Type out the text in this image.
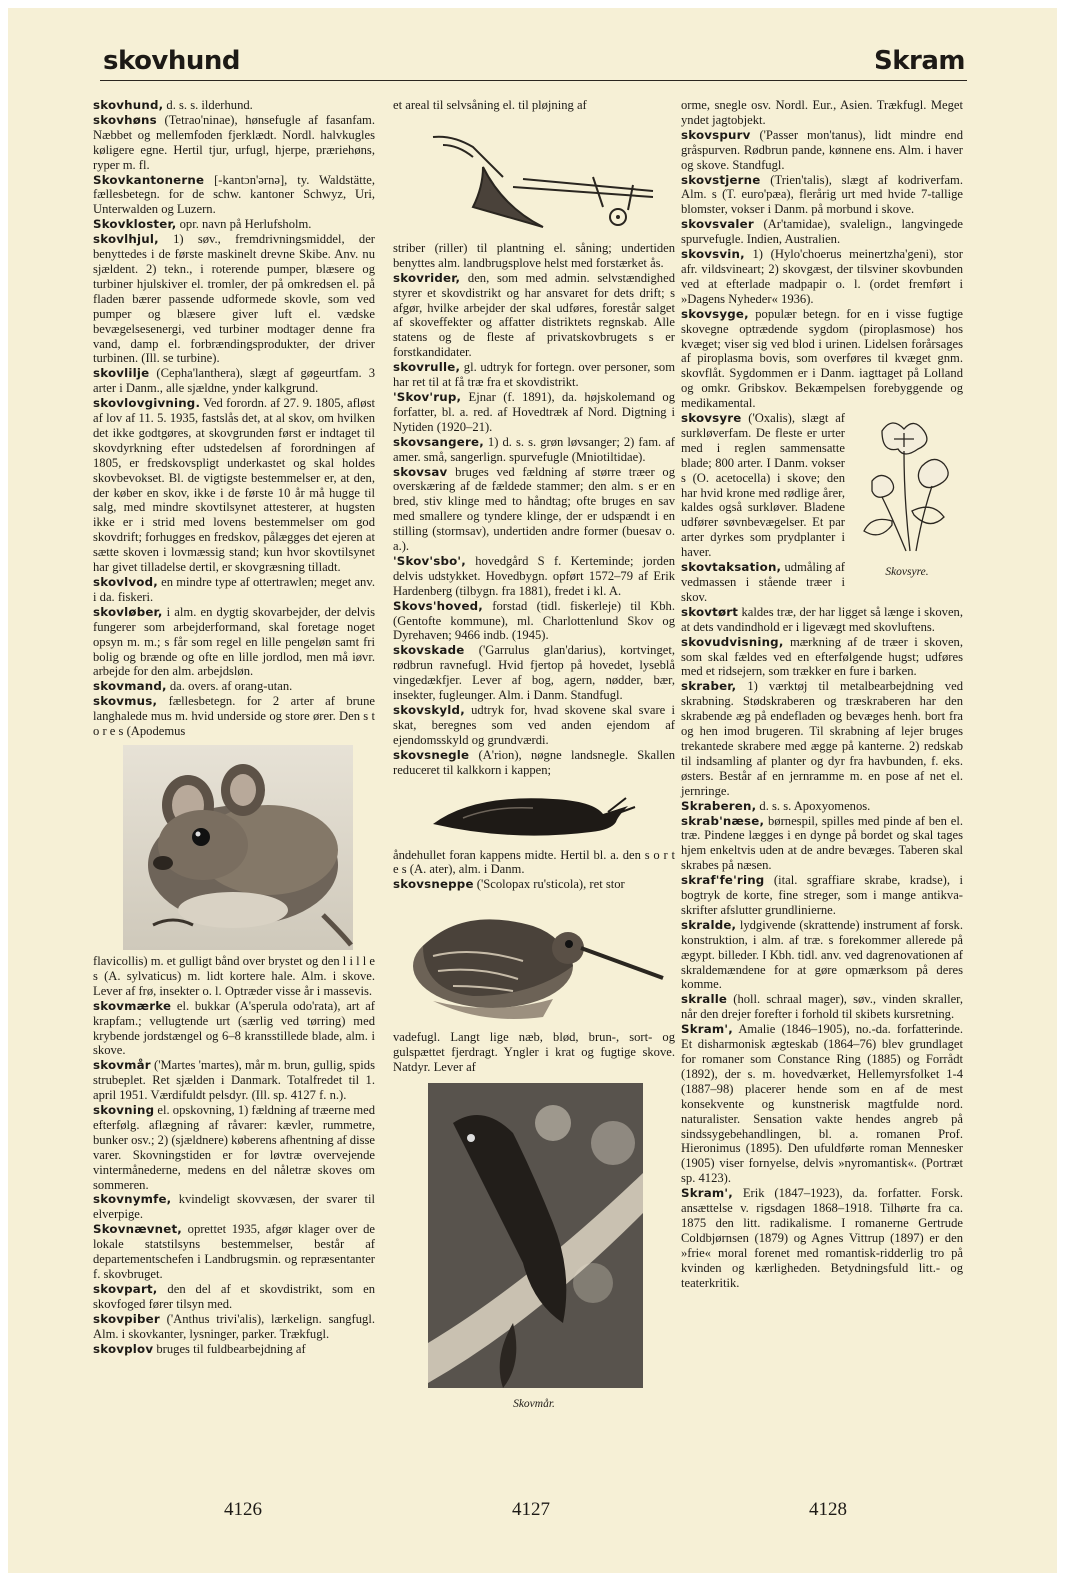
skovhund	Skram

skovhund, d. s. s. ilderhund.

skovhøns (Tetrao'ninae), hønsefugle af fasanfam. Næbbet og mellemfoden fjerklædt. Nordl. halvkugles køligere egne. Hertil tjur, urfugl, hjerpe, præriehøns, ryper m. fl.

Skovkantonerne [-kantɔn'ərnə], ty. Waldstätte, fællesbetegn. for de schw. kantoner Schwyz, Uri, Unterwalden og Luzern.

Skovkloster, opr. navn på Herlufsholm.

skovlhjul, 1) søv., fremdrivningsmiddel, der benyttedes i de første maskinelt drevne Skibe. Anv. nu sjældent. 2) tekn., i roterende pumper, blæsere og turbiner hjulskiver el. tromler, der på omkredsen el. på fladen bærer passende udformede skovle, som ved pumper og blæsere giver luft el. vædske bevægelsesenergi, ved turbiner modtager denne fra vand, damp el. forbrændingsprodukter, der driver turbinen. (Ill. se turbine).

skovlilje (Cepha'lanthera), slægt af gøgeurtfam. 3 arter i Danm., alle sjældne, ynder kalkgrund.

skovlovgivning. Ved forordn. af 27. 9. 1805, afløst af lov af 11. 5. 1935, fastslås det, at al skov, om hvilken det ikke godtgøres, at skovgrunden først er indtaget til skovdyrkning efter udstedelsen af forordningen af 1805, er fredskovspligt underkastet og skal holdes skovbevokset. Bl. de vigtigste bestemmelser er, at den, der køber en skov, ikke i de første 10 år må hugge til salg, med mindre skovtilsynet attesterer, at hugsten ikke er i strid med lovens bestemmelser om god skovdrift; forhugges en fredskov, pålægges det ejeren at sætte skoven i lovmæssig stand; kun hvor skovtilsynet har givet tilladelse dertil, er skovgræsning tilladt.

skovlvod, en mindre type af ottertrawlen; meget anv. i da. fiskeri.

skovløber, i alm. en dygtig skovarbejder, der delvis fungerer som arbejderformand, skal foretage noget opsyn m. m.; s får som regel en lille pengeløn samt fri bolig og brænde og ofte en lille jordlod, men må iøvr. arbejde for den alm. arbejdsløn.

skovmand, da. overs. af orang-utan.

skovmus, fællesbetegn. for 2 arter af brune langhalede mus m. hvid underside og store ører. Den s t o r e s (Apodemus

flavicollis) m. et gulligt bånd over brystet og den l i l l e s (A. sylvaticus) m. lidt kortere hale. Alm. i skove. Lever af frø, insekter o. l. Optræder visse år i massevis.

skovmærke el. bukkar (A'sperula odo'rata), art af krapfam.; vellugtende urt (særlig ved tørring) med krybende jordstængel og 6–8 kransstillede blade, alm. i skove.

skovmår ('Martes 'martes), mår m. brun, gullig, spids strubeplet. Ret sjælden i Danmark. Totalfredet til 1. april 1951. Værdifuldt pelsdyr. (Ill. sp. 4127 f. n.).

skovning el. opskovning, 1) fældning af træerne med efterfølg. aflægning af råvarer: kævler, rummetre, bunker osv.; 2) (sjældnere) køberens afhentning af disse varer. Skovningstiden er for løvtræ overvejende vintermånederne, medens en del nåletræ skoves om sommeren.

skovnymfe, kvindeligt skovvæsen, der svarer til elverpige.

Skovnævnet, oprettet 1935, afgør klager over de lokale statstilsyns bestemmelser, består af departementschefen i Landbrugsmin. og repræsentanter f. skovbruget.

skovpart, den del af et skovdistrikt, som en skovfoged fører tilsyn med.

skovpiber ('Anthus trivi'alis), lærkelign. sangfugl. Alm. i skovkanter, lysninger, parker. Trækfugl.

skovplov bruges til fuldbearbejdning af

et areal til selvsåning el. til pløjning af

striber (riller) til plantning el. såning; undertiden benyttes alm. landbrugsplove helst med forstærket ås.

skovrider, den, som med admin. selvstændighed styrer et skovdistrikt og har ansvaret for dets drift; s afgør, hvilke arbejder der skal udføres, forestår salget af skoveffekter og affatter distriktets regnskab. Alle statens og de fleste af privatskovbrugets s er forstkandidater.

skovrulle, gl. udtryk for fortegn. over personer, som har ret til at få træ fra et skovdistrikt.

'Skov'rup, Ejnar (f. 1891), da. højskolemand og forfatter, bl. a. red. af Hovedtræk af Nord. Digtning i Nytiden (1920–21).

skovsangere, 1) d. s. s. grøn løvsanger; 2) fam. af amer. små, sangerlign. spurvefugle (Mniotiltidae).

skovsav bruges ved fældning af større træer og overskæring af de fældede stammer; den alm. s er en bred, stiv klinge med to håndtag; ofte bruges en sav med smallere og tyndere klinge, der er udspændt i en stilling (stormsav), undertiden andre former (buesav o. a.).

'Skov'sbo', hovedgård S f. Kerteminde; jorden delvis udstykket. Hovedbygn. opført 1572–79 af Erik Hardenberg (tilbygn. fra 1881), fredet i kl. A.

Skovs'hoved, forstad (tidl. fiskerleje) til Kbh. (Gentofte kommune), ml. Charlottenlund Skov og Dyrehaven; 9466 indb. (1945).

skovskade ('Garrulus glan'darius), kortvinget, rødbrun ravnefugl. Hvid fjertop på hovedet, lyseblå vingedækfjer. Lever af bog, agern, nødder, bær, insekter, fugleunger. Alm. i Danm. Standfugl.

skovskyld, udtryk for, hvad skovene skal svare i skat, beregnes som ved anden ejendom af ejendomsskyld og grundværdi.

skovsnegle (A'rion), nøgne landsnegle. Skallen reduceret til kalkkorn i kappen;

åndehullet foran kappens midte. Hertil bl. a. den s o r t e s (A. ater), alm. i Danm.

skovsneppe ('Scolopax ru'sticola), ret stor

vadefugl. Langt lige næb, blød, brun-, sort- og gulspættet fjerdragt. Yngler i krat og fugtige skove. Natdyr. Lever af

Skovmår.

orme, snegle osv. Nordl. Eur., Asien. Trækfugl. Meget yndet jagtobjekt.

skovspurv ('Passer mon'tanus), lidt mindre end gråspurven. Rødbrun pande, kønnene ens. Alm. i haver og skove. Standfugl.

skovstjerne (Trien'talis), slægt af kodriverfam. Alm. s (T. euro'pæa), flerårig urt med hvide 7-tallige blomster, vokser i Danm. på morbund i skove.

skovsvaler (Ar'tamidae), svalelign., langvingede spurvefugle. Indien, Australien.

skovsvin, 1) (Hylo'choerus meinertzha'geni), stor afr. vildsvineart; 2) skovgæst, der tilsviner skovbunden ved at efterlade madpapir o. l. (ordet fremført i »Dagens Nyheder« 1936).

skovsyge, populær betegn. for en i visse fugtige skovegne optrædende sygdom (piroplasmose) hos kvæget; viser sig ved blod i urinen. Lidelsen forårsages af piroplasma bovis, som overføres til kvæget gnm. skovflåt. Sygdommen er i Danm. iagttaget på Lolland og omkr. Gribskov. Bekæmpelsen forebyggende og medikamental.

Skovsyre.

skovsyre ('Oxalis), slægt af surkløverfam. De fleste er urter med i reglen sammensatte blade; 800 arter. I Danm. vokser s (O. acetocella) i skove; den har hvid krone med rødlige årer, kaldes også surkløver. Bladene udfører søvnbevægelser. Et par arter dyrkes som prydplanter i haver.

skovtaksation, udmåling af vedmassen i stående træer i skov.

skovtørt kaldes træ, der har ligget så længe i skoven, at dets vandindhold er i ligevægt med skovluftens.

skovudvisning, mærkning af de træer i skoven, som skal fældes ved en efterfølgende hugst; udføres med et ridsejern, som trækker en fure i barken.

skraber, 1) værktøj til metalbearbejdning ved skrabning. Stødskraberen og træskraberen har den skrabende æg på endefladen og bevæges henh. bort fra og hen imod brugeren. Til skrabning af lejer bruges trekantede skrabere med ægge på kanterne. 2) redskab til indsamling af planter og dyr fra havbunden, f. eks. østers. Består af en jernramme m. en pose af net el. jernringe.

Skraberen, d. s. s. Apoxyomenos.

skrab'næse, børnespil, spilles med pinde af ben el. træ. Pindene lægges i en dynge på bordet og skal tages hjem enkeltvis uden at de andre bevæges. Taberen skal skrabes på næsen.

skraf'fe'ring (ital. sgraffiare skrabe, kradse), i bogtryk de korte, fine streger, som i mange antikva-skrifter afslutter grundlinierne.

skralde, lydgivende (skrattende) instrument af forsk. konstruktion, i alm. af træ. s forekommer allerede på ægypt. billeder. I Kbh. tidl. anv. ved dagrenovationen af skraldemændene for at gøre opmærksom på deres komme.

skralle (holl. schraal mager), søv., vinden skraller, når den drejer forefter i forhold til skibets kursretning.

Skram', Amalie (1846–1905), no.-da. forfatterinde. Et disharmonisk ægteskab (1864–76) blev grundlaget for romaner som Constance Ring (1885) og Forrådt (1892), der s. m. hovedværket, Hellemyrsfolket 1-4 (1887–98) placerer hende som en af de mest konsekvente og kunstnerisk magtfulde nord. naturalister. Sensation vakte hendes angreb på sindssygebehandlingen, bl. a. romanen Prof. Hieronimus (1895). Den ufuldførte roman Mennesker (1905) viser fornyelse, delvis »nyromantisk«. (Portræt sp. 4123).

Skram', Erik (1847–1923), da. forfatter. Forsk. ansættelse v. rigsdagen 1868–1918. Tilhørte fra ca. 1875 den litt. radikalisme. I romanerne Gertrude Coldbjørnsen (1879) og Agnes Vittrup (1897) er den »frie« moral forenet med romantisk-ridderlig tro på kvinden og kærligheden. Betydningsfuld litt.- og teaterkritik.

4126	4127	4128
